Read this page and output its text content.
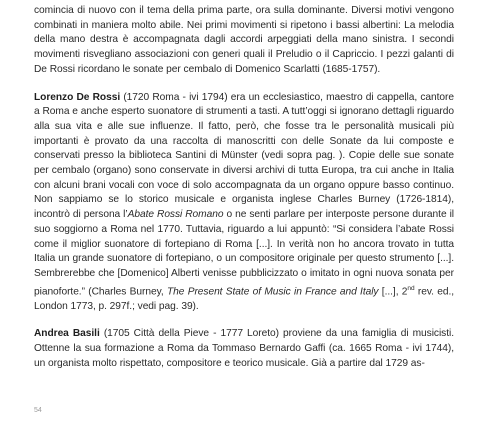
cominciа di nuovo con il tema della prima parte, ora sulla dominante. Diversi motivi vengono combinati in maniera molto abile. Nei primi movimenti si ripetono i bassi albertini: La melodia della mano destra è accompagnata dagli accordi arpeggiati della mano sinistra. I secondi movimenti risvegliano associazioni con generi quali il Preludio o il Capriccio. I pezzi galanti di De Rossi ricordano le sonate per cembalo di Domenico Scarlatti (1685-1757).

Lorenzo De Rossi (1720 Roma - ivi 1794) era un ecclesiastico, maestro di cappella, cantore a Roma e anche esperto suonatore di strumenti a tasti. A tutt’oggi si ignorano dettagli riguardo alla sua vita e alle sue influenze. Il fatto, però, che fosse tra le personalità musicali più importanti è provato da una raccolta di manoscritti con delle Sonate da lui composte e conservati presso la biblioteca Santini di Münster (vedi sopra pag. ). Copie delle sue sonate per cembalo (organo) sono conservate in diversi archivi di tutta Europa, tra cui anche in Italia con alcuni brani vocali con voce di solo accompagnata da un organo oppure basso continuo. Non sappiamo se lo storico musicale e organista inglese Charles Burney (1726-1814), incontrò di persona l’Abate Rossi Romano o ne senti parlare per interposte persone durante il suo soggiorno a Roma nel 1770. Tuttavia, riguardo a lui appuntò: “Si considera l’abate Rossi come il miglior suonatore di fortepiano di Roma [...]. In verità non ho ancora trovato in tutta Italia un grande suonatore di fortepiano, o un compositore originale per questo strumento [...]. Sembrerebbe che [Domenico] Alberti venisse pubblicizzato o imitato in ogni nuova sonata per pianoforte.” (Charles Burney, The Present State of Music in France and Italy [...], 2nd rev. ed., London 1773, p. 297f.; vedi pag. 39).

Andrea Basili (1705 Città della Pieve - 1777 Loreto) proviene da una famiglia di musicisti. Ottenne la sua formazione a Roma da Tommaso Bernardo Gaffi (ca. 1665 Roma - ivi 1744), un organista molto rispettato, compositore e teorico musicale. Già a partire dal 1729 as-

54
